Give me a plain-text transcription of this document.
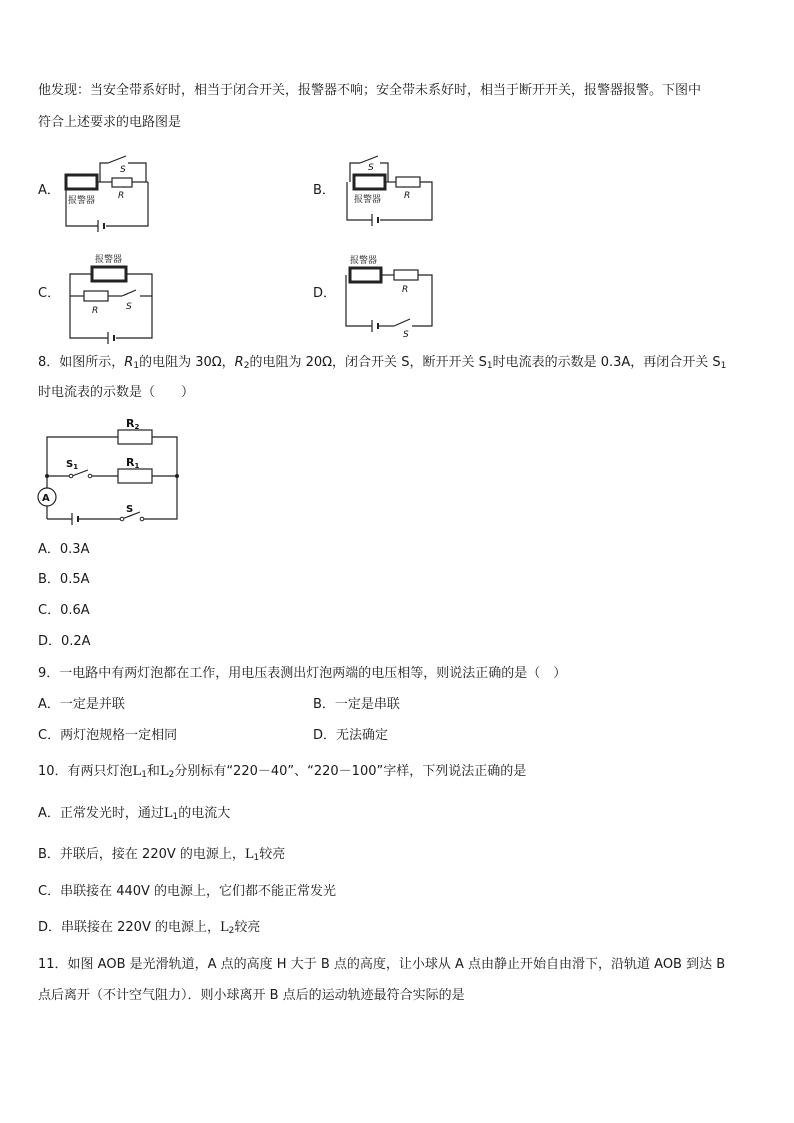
他发现：当安全带系好时，相当于闭合开关，报警器不响；安全带未系好时，相当于断开开关，报警器报警。下图中
符合上述要求的电路图是
A．
报警器
S
R	B．
报警器
S
R
C．
报警器
S
R
D．
报警器
S
R
8．如图所示，$R_1$的电阻为 30Ω，$R_2$的电阻为 20Ω，闭合开关 S，断开开关 $S_1$时电流表的示数是 0.3A，再闭合开关 $S_1$
时电流表的示数是（　　）
A
R2
R1
$S_1$
S
A．0.3A
B．0.5A
C．0.6A
D．0.2A
9．一电路中有两灯泡都在工作，用电压表测出灯泡两端的电压相等，则说法正确的是（　）
A．一定是并联	B．一定是串联
C．两灯泡规格一定相同	D．无法确定
10．有两只灯泡$L_1$和$L_2$分别标有“220－40”、“220－100”字样，下列说法正确的是
A．正常发光时，通过$L_1$的电流大
B．并联后，接在 220V 的电源上，$L_1$较亮
C．串联接在 440V 的电源上，它们都不能正常发光
D．串联接在 220V 的电源上，$L_2$较亮
11．如图 AOB 是光滑轨道，A 点的高度 H 大于 B 点的高度，让小球从 A 点由静止开始自由滑下，沿轨道 AOB 到达 B
点后离开（不计空气阻力）．则小球离开 B 点后的运动轨迹最符合实际的是
